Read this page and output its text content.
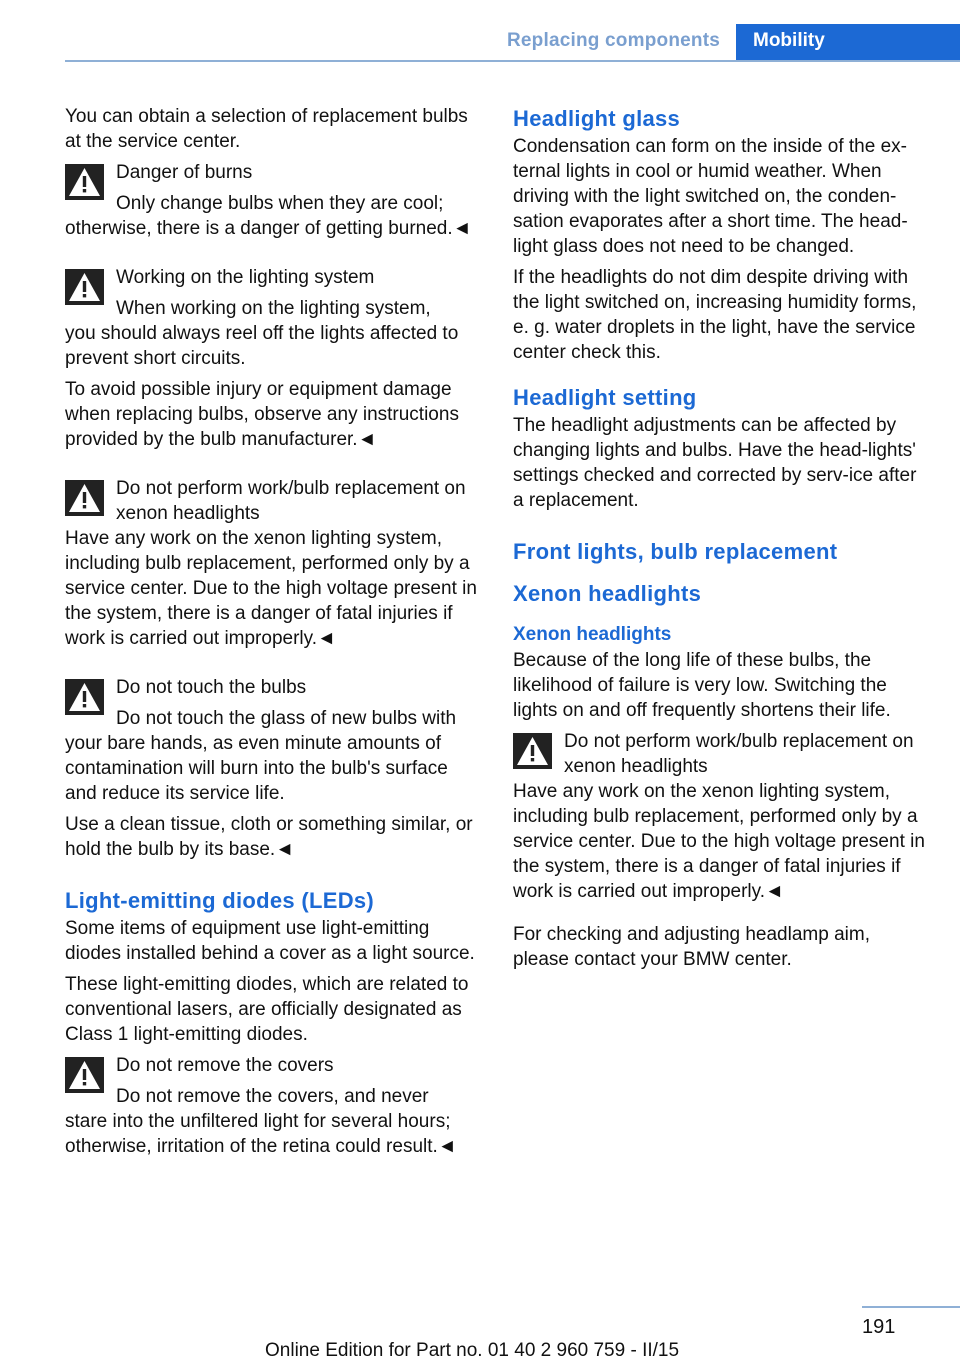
Replacing components	Mobility

You can obtain a selection of replacement bulbs at the service center.

Danger of burns

Only change bulbs when they are cool;

otherwise, there is a danger of getting burned.◄

Working on the lighting system

When working on the lighting system,

you should always reel off the lights affected to prevent short circuits.

To avoid possible injury or equipment damage when replacing bulbs, observe any instructions provided by the bulb manufacturer.◄

Do not perform work/bulb replacement on xenon headlights

Have any work on the xenon lighting system, including bulb replacement, performed only by a service center. Due to the high voltage present in the system, there is a danger of fatal injuries if work is carried out improperly.◄

Do not touch the bulbs

Do not touch the glass of new bulbs with

your bare hands, as even minute amounts of contamination will burn into the bulb's surface and reduce its service life.

Use a clean tissue, cloth or something similar, or hold the bulb by its base.◄

Light-emitting diodes (LEDs)

Some items of equipment use light-emitting diodes installed behind a cover as a light source.

These light-emitting diodes, which are related to conventional lasers, are officially designated as Class 1 light-emitting diodes.

Do not remove the covers

Do not remove the covers, and never

stare into the unfiltered light for several hours; otherwise, irritation of the retina could result.◄

Headlight glass

Condensation can form on the inside of the ex-ternal lights in cool or humid weather. When driving with the light switched on, the conden-sation evaporates after a short time. The head-light glass does not need to be changed.

If the headlights do not dim despite driving with the light switched on, increasing humidity forms, e. g. water droplets in the light, have the service center check this.

Headlight setting

The headlight adjustments can be affected by changing lights and bulbs. Have the head-lights' settings checked and corrected by serv-ice after a replacement.

Front lights, bulb replacement
Xenon headlights
Xenon headlights

Because of the long life of these bulbs, the likelihood of failure is very low. Switching the lights on and off frequently shortens their life.

Do not perform work/bulb replacement on xenon headlights

Have any work on the xenon lighting system, including bulb replacement, performed only by a service center. Due to the high voltage present in the system, there is a danger of fatal injuries if work is carried out improperly.◄

For checking and adjusting headlamp aim, please contact your BMW center.

191
Online Edition for Part no. 01 40 2 960 759 - II/15
